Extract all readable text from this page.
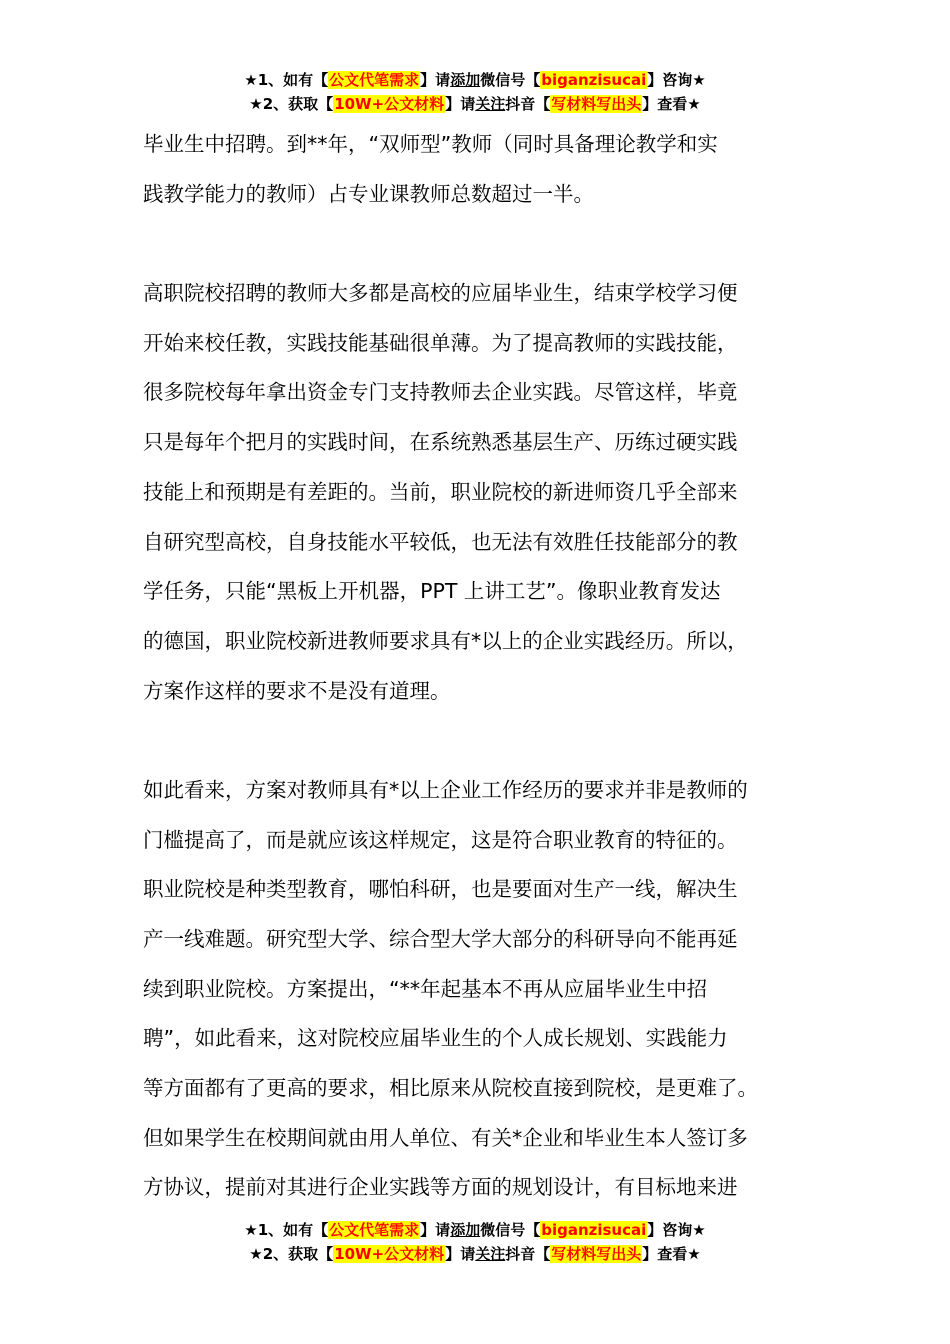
★1、如有【公文代笔需求】请添加微信号【biganzisucai】咨询★
★2、获取【10W+公文材料】请关注抖音【写材料写出头】查看★
毕业生中招聘。到**年，“双师型”教师（同时具备理论教学和实
践教学能力的教师）占专业课教师总数超过一半。
高职院校招聘的教师大多都是高校的应届毕业生，结束学校学习便
开始来校任教，实践技能基础很单薄。为了提高教师的实践技能，
很多院校每年拿出资金专门支持教师去企业实践。尽管这样，毕竟
只是每年个把月的实践时间，在系统熟悉基层生产、历练过硬实践
技能上和预期是有差距的。当前，职业院校的新进师资几乎全部来
自研究型高校，自身技能水平较低，也无法有效胜任技能部分的教
学任务，只能“黑板上开机器，PPT 上讲工艺”。像职业教育发达
的德国，职业院校新进教师要求具有*以上的企业实践经历。所以，
方案作这样的要求不是没有道理。
如此看来，方案对教师具有*以上企业工作经历的要求并非是教师的
门槛提高了，而是就应该这样规定，这是符合职业教育的特征的。
职业院校是种类型教育，哪怕科研，也是要面对生产一线，解决生
产一线难题。研究型大学、综合型大学大部分的科研导向不能再延
续到职业院校。方案提出，“**年起基本不再从应届毕业生中招
聘”，如此看来，这对院校应届毕业生的个人成长规划、实践能力
等方面都有了更高的要求，相比原来从院校直接到院校，是更难了。
但如果学生在校期间就由用人单位、有关*企业和毕业生本人签订多
方协议，提前对其进行企业实践等方面的规划设计，有目标地来进
★1、如有【公文代笔需求】请添加微信号【biganzisucai】咨询★
★2、获取【10W+公文材料】请关注抖音【写材料写出头】查看★
